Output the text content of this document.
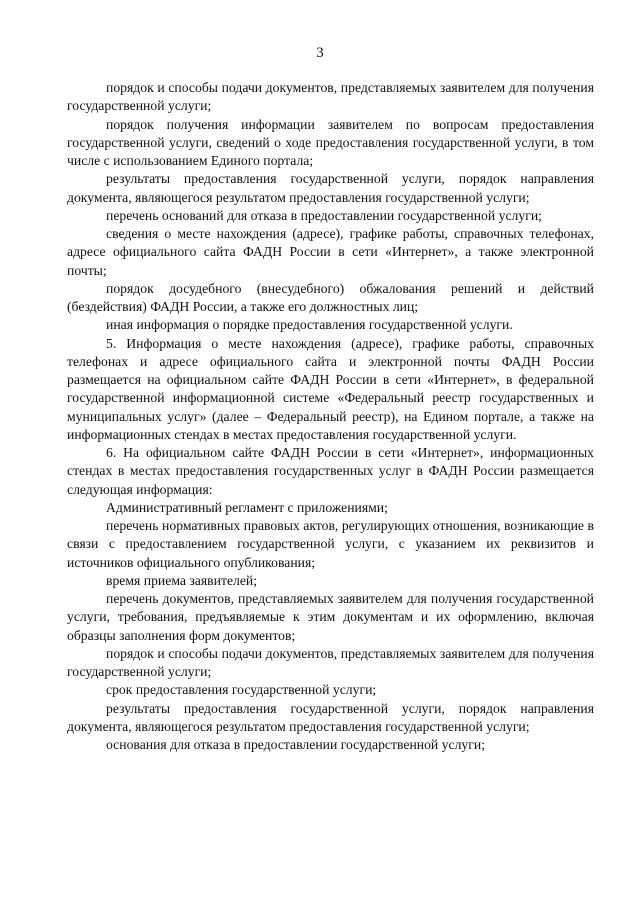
3

порядок и способы подачи документов, представляемых заявителем для получения государственной услуги;

порядок получения информации заявителем по вопросам предоставления государственной услуги, сведений о ходе предоставления государственной услуги, в том числе с использованием Единого портала;

результаты предоставления государственной услуги, порядок направления документа, являющегося результатом предоставления государственной услуги;

перечень оснований для отказа в предоставлении государственной услуги;

сведения о месте нахождения (адресе), графике работы, справочных телефонах, адресе официального сайта ФАДН России в сети «Интернет», а также электронной почты;

порядок досудебного (внесудебного) обжалования решений и действий (бездействия) ФАДН России, а также его должностных лиц;

иная информация о порядке предоставления государственной услуги.

5. Информация о месте нахождения (адресе), графике работы, справочных телефонах и адресе официального сайта и электронной почты ФАДН России размещается на официальном сайте ФАДН России в сети «Интернет», в федеральной государственной информационной системе «Федеральный реестр государственных и муниципальных услуг» (далее – Федеральный реестр), на Едином портале, а также на информационных стендах в местах предоставления государственной услуги.

6. На официальном сайте ФАДН России в сети «Интернет», информационных стендах в местах предоставления государственных услуг в ФАДН России размещается следующая информация:

Административный регламент с приложениями;

перечень нормативных правовых актов, регулирующих отношения, возникающие в связи с предоставлением государственной услуги, с указанием их реквизитов и источников официального опубликования;

время приема заявителей;

перечень документов, представляемых заявителем для получения государственной услуги, требования, предъявляемые к этим документам и их оформлению, включая образцы заполнения форм документов;

порядок и способы подачи документов, представляемых заявителем для получения государственной услуги;

срок предоставления государственной услуги;

результаты предоставления государственной услуги, порядок направления документа, являющегося результатом предоставления государственной услуги;

основания для отказа в предоставлении государственной услуги;
